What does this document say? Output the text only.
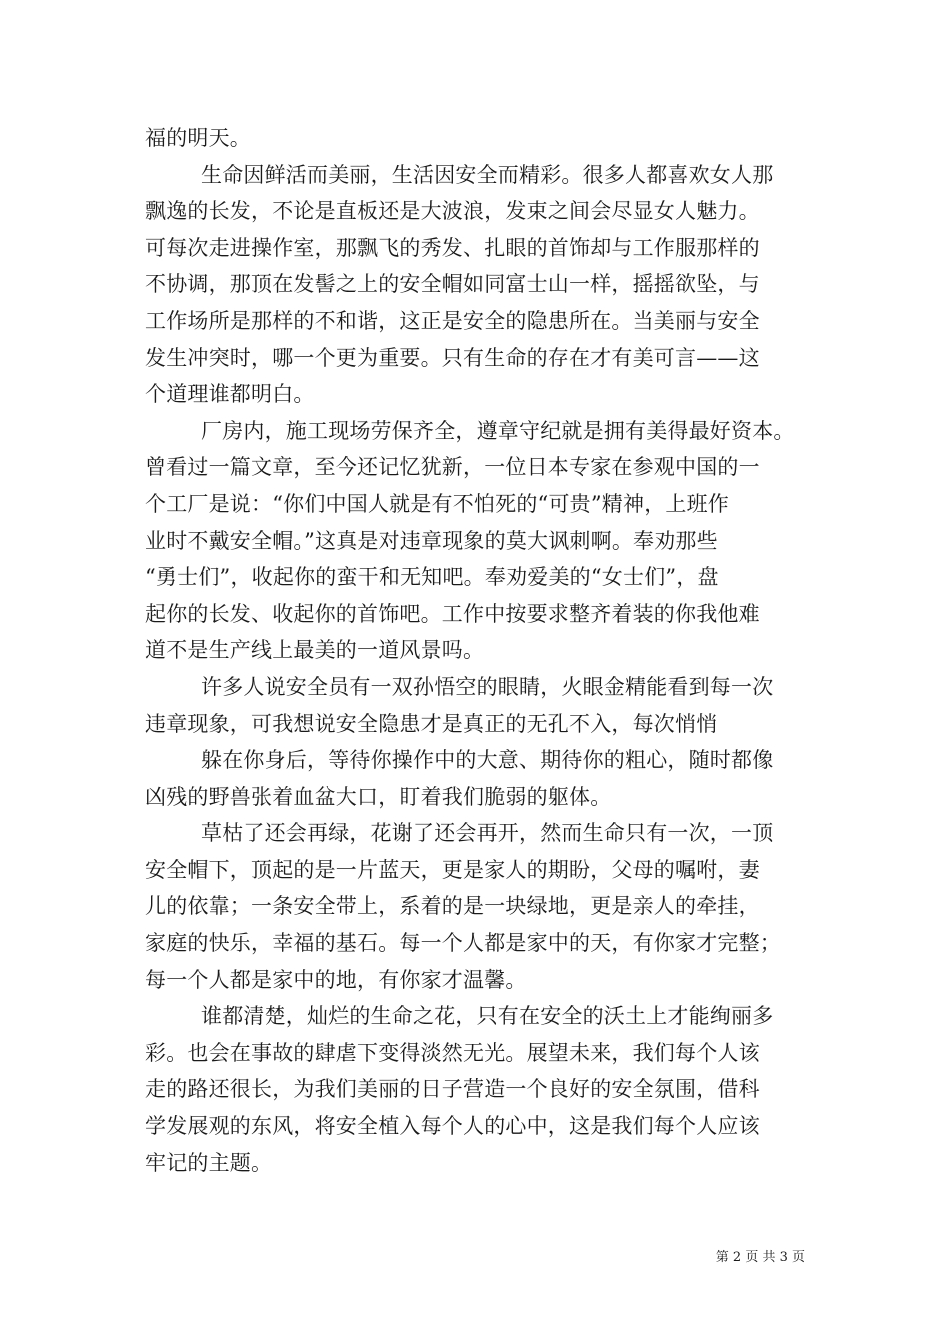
福的明天。
生命因鲜活而美丽，生活因安全而精彩。很多人都喜欢女人那
飘逸的长发，不论是直板还是大波浪，发束之间会尽显女人魅力。
可每次走进操作室，那飘飞的秀发、扎眼的首饰却与工作服那样的
不协调，那顶在发髻之上的安全帽如同富士山一样，摇摇欲坠，与
工作场所是那样的不和谐，这正是安全的隐患所在。当美丽与安全
发生冲突时，哪一个更为重要。只有生命的存在才有美可言——这
个道理谁都明白。
厂房内，施工现场劳保齐全，遵章守纪就是拥有美得最好资本。
曾看过一篇文章，至今还记忆犹新，一位日本专家在参观中国的一
个工厂是说：“你们中国人就是有不怕死的“可贵”精神，上班作
业时不戴安全帽。”这真是对违章现象的莫大讽刺啊。奉劝那些
“勇士们”，收起你的蛮干和无知吧。奉劝爱美的“女士们”，盘
起你的长发、收起你的首饰吧。工作中按要求整齐着装的你我他难
道不是生产线上最美的一道风景吗。
许多人说安全员有一双孙悟空的眼睛，火眼金精能看到每一次
违章现象，可我想说安全隐患才是真正的无孔不入，每次悄悄
躲在你身后，等待你操作中的大意、期待你的粗心，随时都像
凶残的野兽张着血盆大口，盯着我们脆弱的躯体。
草枯了还会再绿，花谢了还会再开，然而生命只有一次，一顶
安全帽下，顶起的是一片蓝天，更是家人的期盼，父母的嘱咐，妻
儿的依靠；一条安全带上，系着的是一块绿地，更是亲人的牵挂，
家庭的快乐，幸福的基石。每一个人都是家中的天，有你家才完整；
每一个人都是家中的地，有你家才温馨。
谁都清楚，灿烂的生命之花，只有在安全的沃土上才能绚丽多
彩。也会在事故的肆虐下变得淡然无光。展望未来，我们每个人该
走的路还很长，为我们美丽的日子营造一个良好的安全氛围，借科
学发展观的东风，将安全植入每个人的心中，这是我们每个人应该
牢记的主题。
第 2 页 共 3 页
